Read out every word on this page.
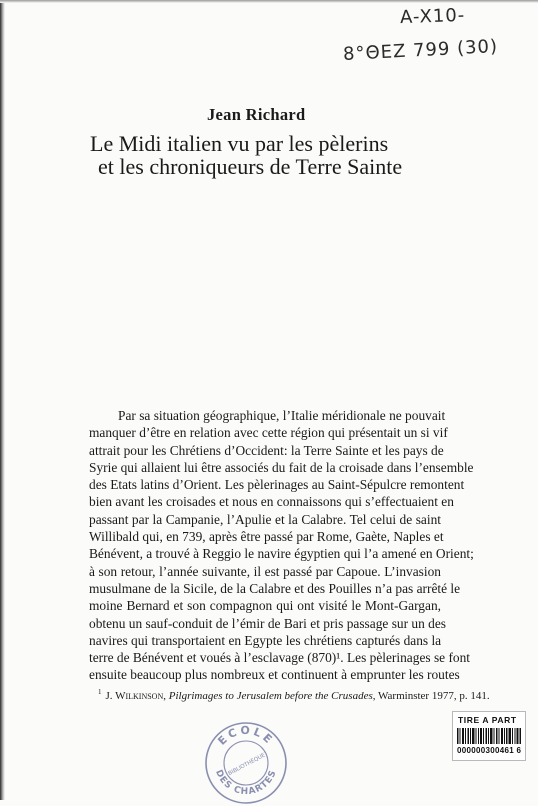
A-X10-
8°ΘEZ 799 (30)
Jean Richard
Le Midi italien vu par les pèlerins
et les chroniqueurs de Terre Sainte
Par sa situation géographique, l’Italie méridionale ne pouvait
manquer d’être en relation avec cette région qui présentait un si vif
attrait pour les Chrétiens d’Occident: la Terre Sainte et les pays de
Syrie qui allaient lui être associés du fait de la croisade dans l’ensemble
des Etats latins d’Orient. Les pèlerinages au Saint-Sépulcre remontent
bien avant les croisades et nous en connaissons qui s’effectuaient en
passant par la Campanie, l’Apulie et la Calabre. Tel celui de saint
Willibald qui, en 739, après être passé par Rome, Gaète, Naples et
Bénévent, a trouvé à Reggio le navire égyptien qui l’a amené en Orient;
à son retour, l’année suivante, il est passé par Capoue. L’invasion
musulmane de la Sicile, de la Calabre et des Pouilles n’a pas arrêté le
moine Bernard et son compagnon qui ont visité le Mont-Gargan,
obtenu un sauf-conduit de l’émir de Bari et pris passage sur un des
navires qui transportaient en Egypte les chrétiens capturés dans la
terre de Bénévent et voués à l’esclavage (870)¹. Les pèlerinages se font
ensuite beaucoup plus nombreux et continuent à emprunter les routes
$^1$ J. Wilkinson, Pilgrimages to Jerusalem before the Crusades, Warminster 1977, p. 141.
ECOLE
DES CHARTES
BIBLIOTHÈQUE
TIRE A PART
000000300461 6
